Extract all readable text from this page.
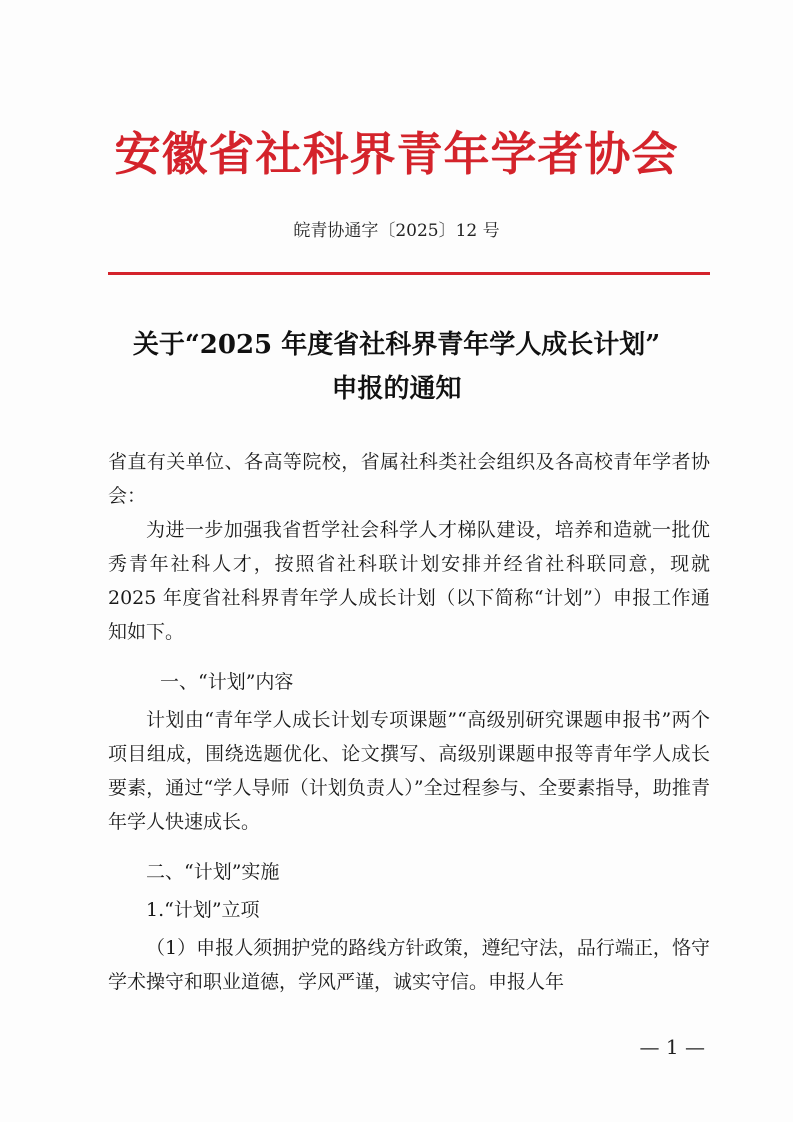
安徽省社科界青年学者协会
皖青协通字〔2025〕12 号
关于“2025 年度省社科界青年学人成长计划”
申报的通知
省直有关单位、各高等院校，省属社科类社会组织及各高校青年学者协会：
为进一步加强我省哲学社会科学人才梯队建设，培养和造就一批优秀青年社科人才，按照省社科联计划安排并经省社科联同意，现就 2025 年度省社科界青年学人成长计划（以下简称“计划”）申报工作通知如下。
一、“计划”内容
计划由“青年学人成长计划专项课题”“高级别研究课题申报书”两个项目组成，围绕选题优化、论文撰写、高级别课题申报等青年学人成长要素，通过“学人导师（计划负责人）”全过程参与、全要素指导，助推青年学人快速成长。
二、“计划”实施
1.“计划”立项
（1）申报人须拥护党的路线方针政策，遵纪守法，品行端正，恪守学术操守和职业道德，学风严谨，诚实守信。申报人年
— 1 —
